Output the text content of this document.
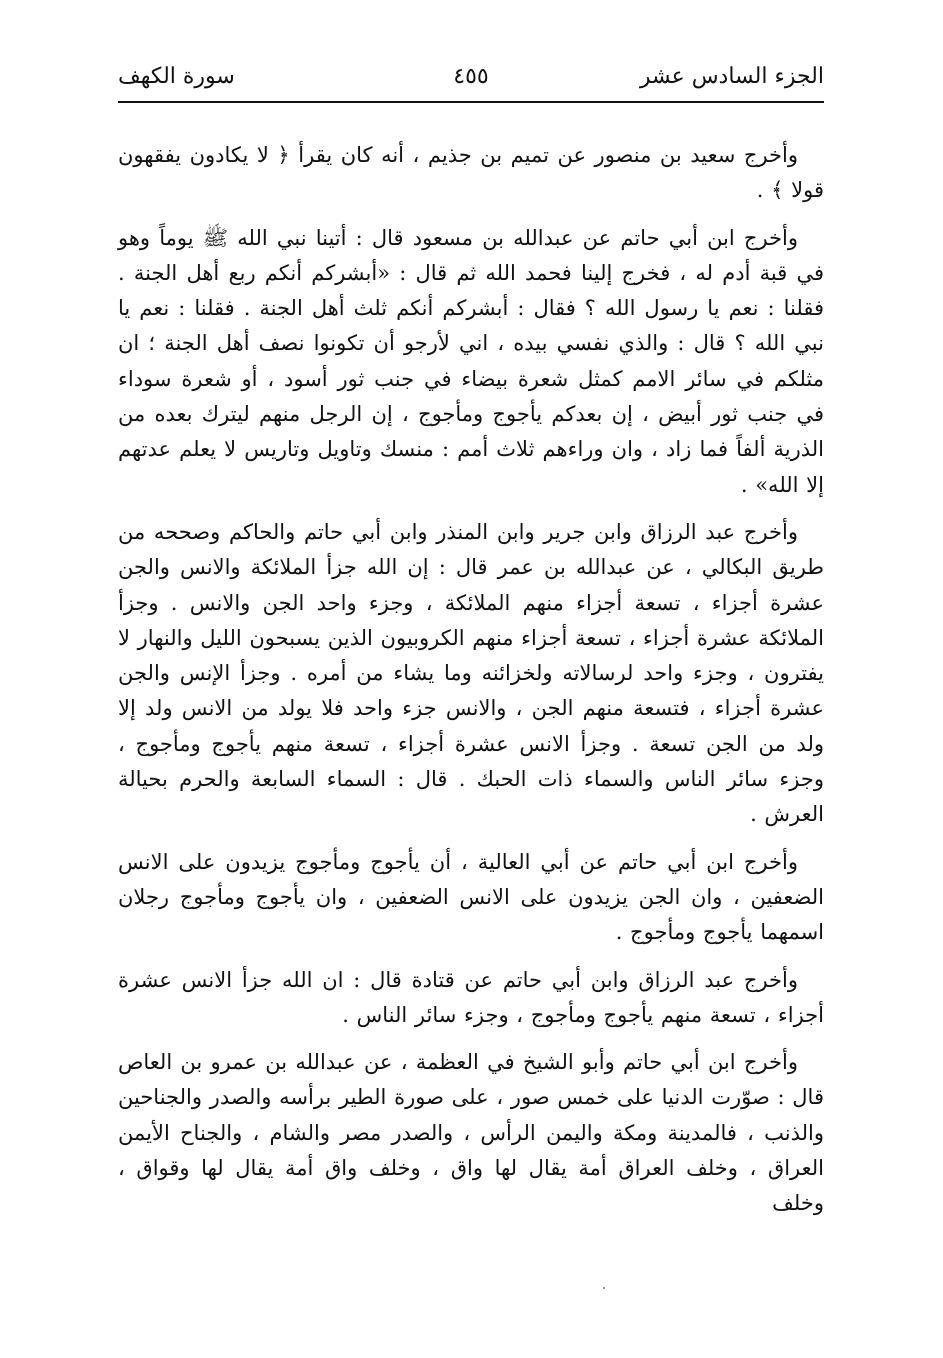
الجزء السادس عشر
٤٥٥
سورة الكهف

وأخرج سعيد بن منصور عن تميم بن جذيم ، أنه كان يقرأ ﴿ لا يكادون يفقهون قولا ﴾ .

وأخرج ابن أبي حاتم عن عبدالله بن مسعود قال : أتينا نبي الله ﷺ يوماً وهو في قبة أدم له ، فخرج إلينا فحمد الله ثم قال : «أبشركم أنكم ربع أهل الجنة . فقلنا : نعم يا رسول الله ؟ فقال : أبشركم أنكم ثلث أهل الجنة . فقلنا : نعم يا نبي الله ؟ قال : والذي نفسي بيده ، اني لأرجو أن تكونوا نصف أهل الجنة ؛ ان مثلكم في سائر الامم كمثل شعرة بيضاء في جنب ثور أسود ، أو شعرة سوداء في جنب ثور أبيض ، إن بعدكم يأجوج ومأجوج ، إن الرجل منهم ليترك بعده من الذرية ألفاً فما زاد ، وان وراءهم ثلاث أمم : منسك وتاويل وتاريس لا يعلم عدتهم إلا الله» .

وأخرج عبد الرزاق وابن جرير وابن المنذر وابن أبي حاتم والحاكم وصححه من طريق البكالي ، عن عبدالله بن عمر قال : إن الله جزأ الملائكة والانس والجن عشرة أجزاء ، تسعة أجزاء منهم الملائكة ، وجزء واحد الجن والانس . وجزأ الملائكة عشرة أجزاء ، تسعة أجزاء منهم الكروبيون الذين يسبحون الليل والنهار لا يفترون ، وجزء واحد لرسالاته ولخزائنه وما يشاء من أمره . وجزأ الإنس والجن عشرة أجزاء ، فتسعة منهم الجن ، والانس جزء واحد فلا يولد من الانس ولد إلا ولد من الجن تسعة . وجزأ الانس عشرة أجزاء ، تسعة منهم يأجوج ومأجوج ، وجزء سائر الناس والسماء ذات الحبك . قال : السماء السابعة والحرم بحيالة العرش .

وأخرج ابن أبي حاتم عن أبي العالية ، أن يأجوج ومأجوج يزيدون على الانس الضعفين ، وان الجن يزيدون على الانس الضعفين ، وان يأجوج ومأجوج رجلان اسمهما يأجوج ومأجوج .

وأخرج عبد الرزاق وابن أبي حاتم عن قتادة قال : ان الله جزأ الانس عشرة أجزاء ، تسعة منهم يأجوج ومأجوج ، وجزء سائر الناس .

وأخرج ابن أبي حاتم وأبو الشيخ في العظمة ، عن عبدالله بن عمرو بن العاص قال : صوّرت الدنيا على خمس صور ، على صورة الطير برأسه والصدر والجناحين والذنب ، فالمدينة ومكة واليمن الرأس ، والصدر مصر والشام ، والجناح الأيمن العراق ، وخلف العراق أمة يقال لها واق ، وخلف واق أمة يقال لها وقواق ، وخلف
